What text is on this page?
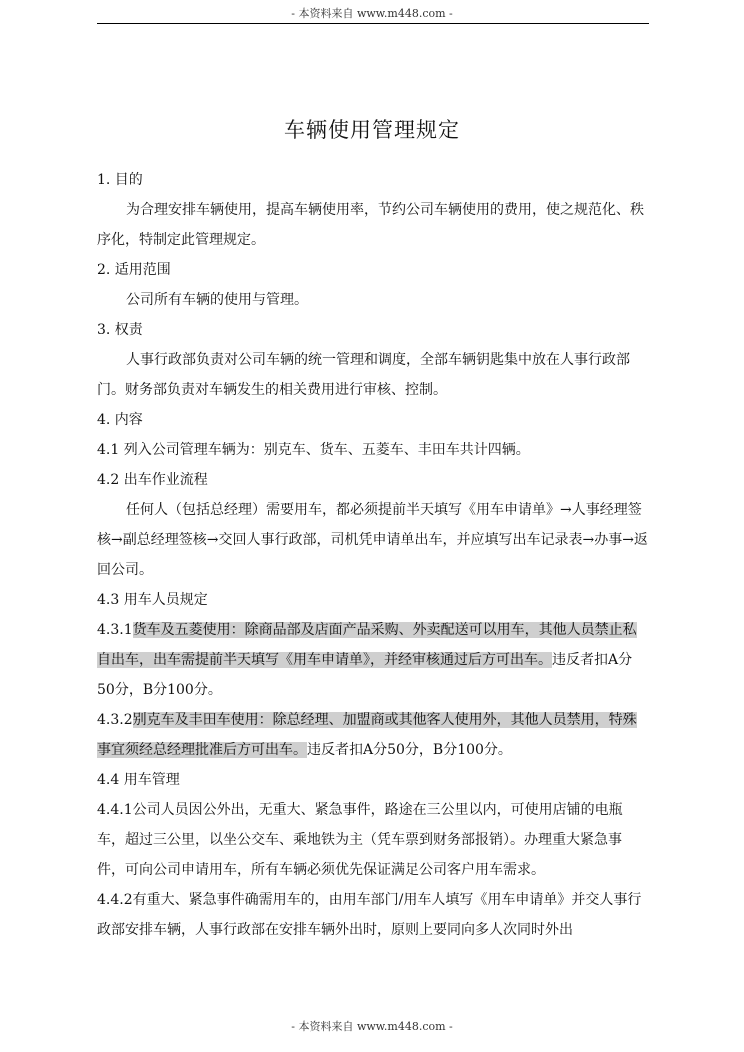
- 本资料来自 www.m448.com -
车辆使用管理规定

1. 目的

为合理安排车辆使用，提高车辆使用率，节约公司车辆使用的费用，使之规范化、秩序化，特制定此管理规定。

2. 适用范围

公司所有车辆的使用与管理。

3. 权责

人事行政部负责对公司车辆的统一管理和调度，全部车辆钥匙集中放在人事行政部门。财务部负责对车辆发生的相关费用进行审核、控制。

4. 内容

4.1 列入公司管理车辆为：别克车、货车、五菱车、丰田车共计四辆。

4.2 出车作业流程

任何人（包括总经理）需要用车，都必须提前半天填写《用车申请单》→人事经理签核→副总经理签核→交回人事行政部，司机凭申请单出车，并应填写出车记录表→办事→返回公司。

4.3 用车人员规定

4.3.1货车及五菱使用：除商品部及店面产品采购、外卖配送可以用车，其他人员禁止私自出车，出车需提前半天填写《用车申请单》，并经审核通过后方可出车。违反者扣A分50分，B分100分。

4.3.2别克车及丰田车使用：除总经理、加盟商或其他客人使用外，其他人员禁用，特殊事宜须经总经理批准后方可出车。违反者扣A分50分，B分100分。

4.4 用车管理

4.4.1公司人员因公外出，无重大、紧急事件，路途在三公里以内，可使用店铺的电瓶车，超过三公里，以坐公交车、乘地铁为主（凭车票到财务部报销）。办理重大紧急事件，可向公司申请用车，所有车辆必须优先保证满足公司客户用车需求。

4.4.2有重大、紧急事件确需用车的，由用车部门/用车人填写《用车申请单》并交人事行政部安排车辆，人事行政部在安排车辆外出时，原则上要同向多人次同时外出

- 本资料来自 www.m448.com -
